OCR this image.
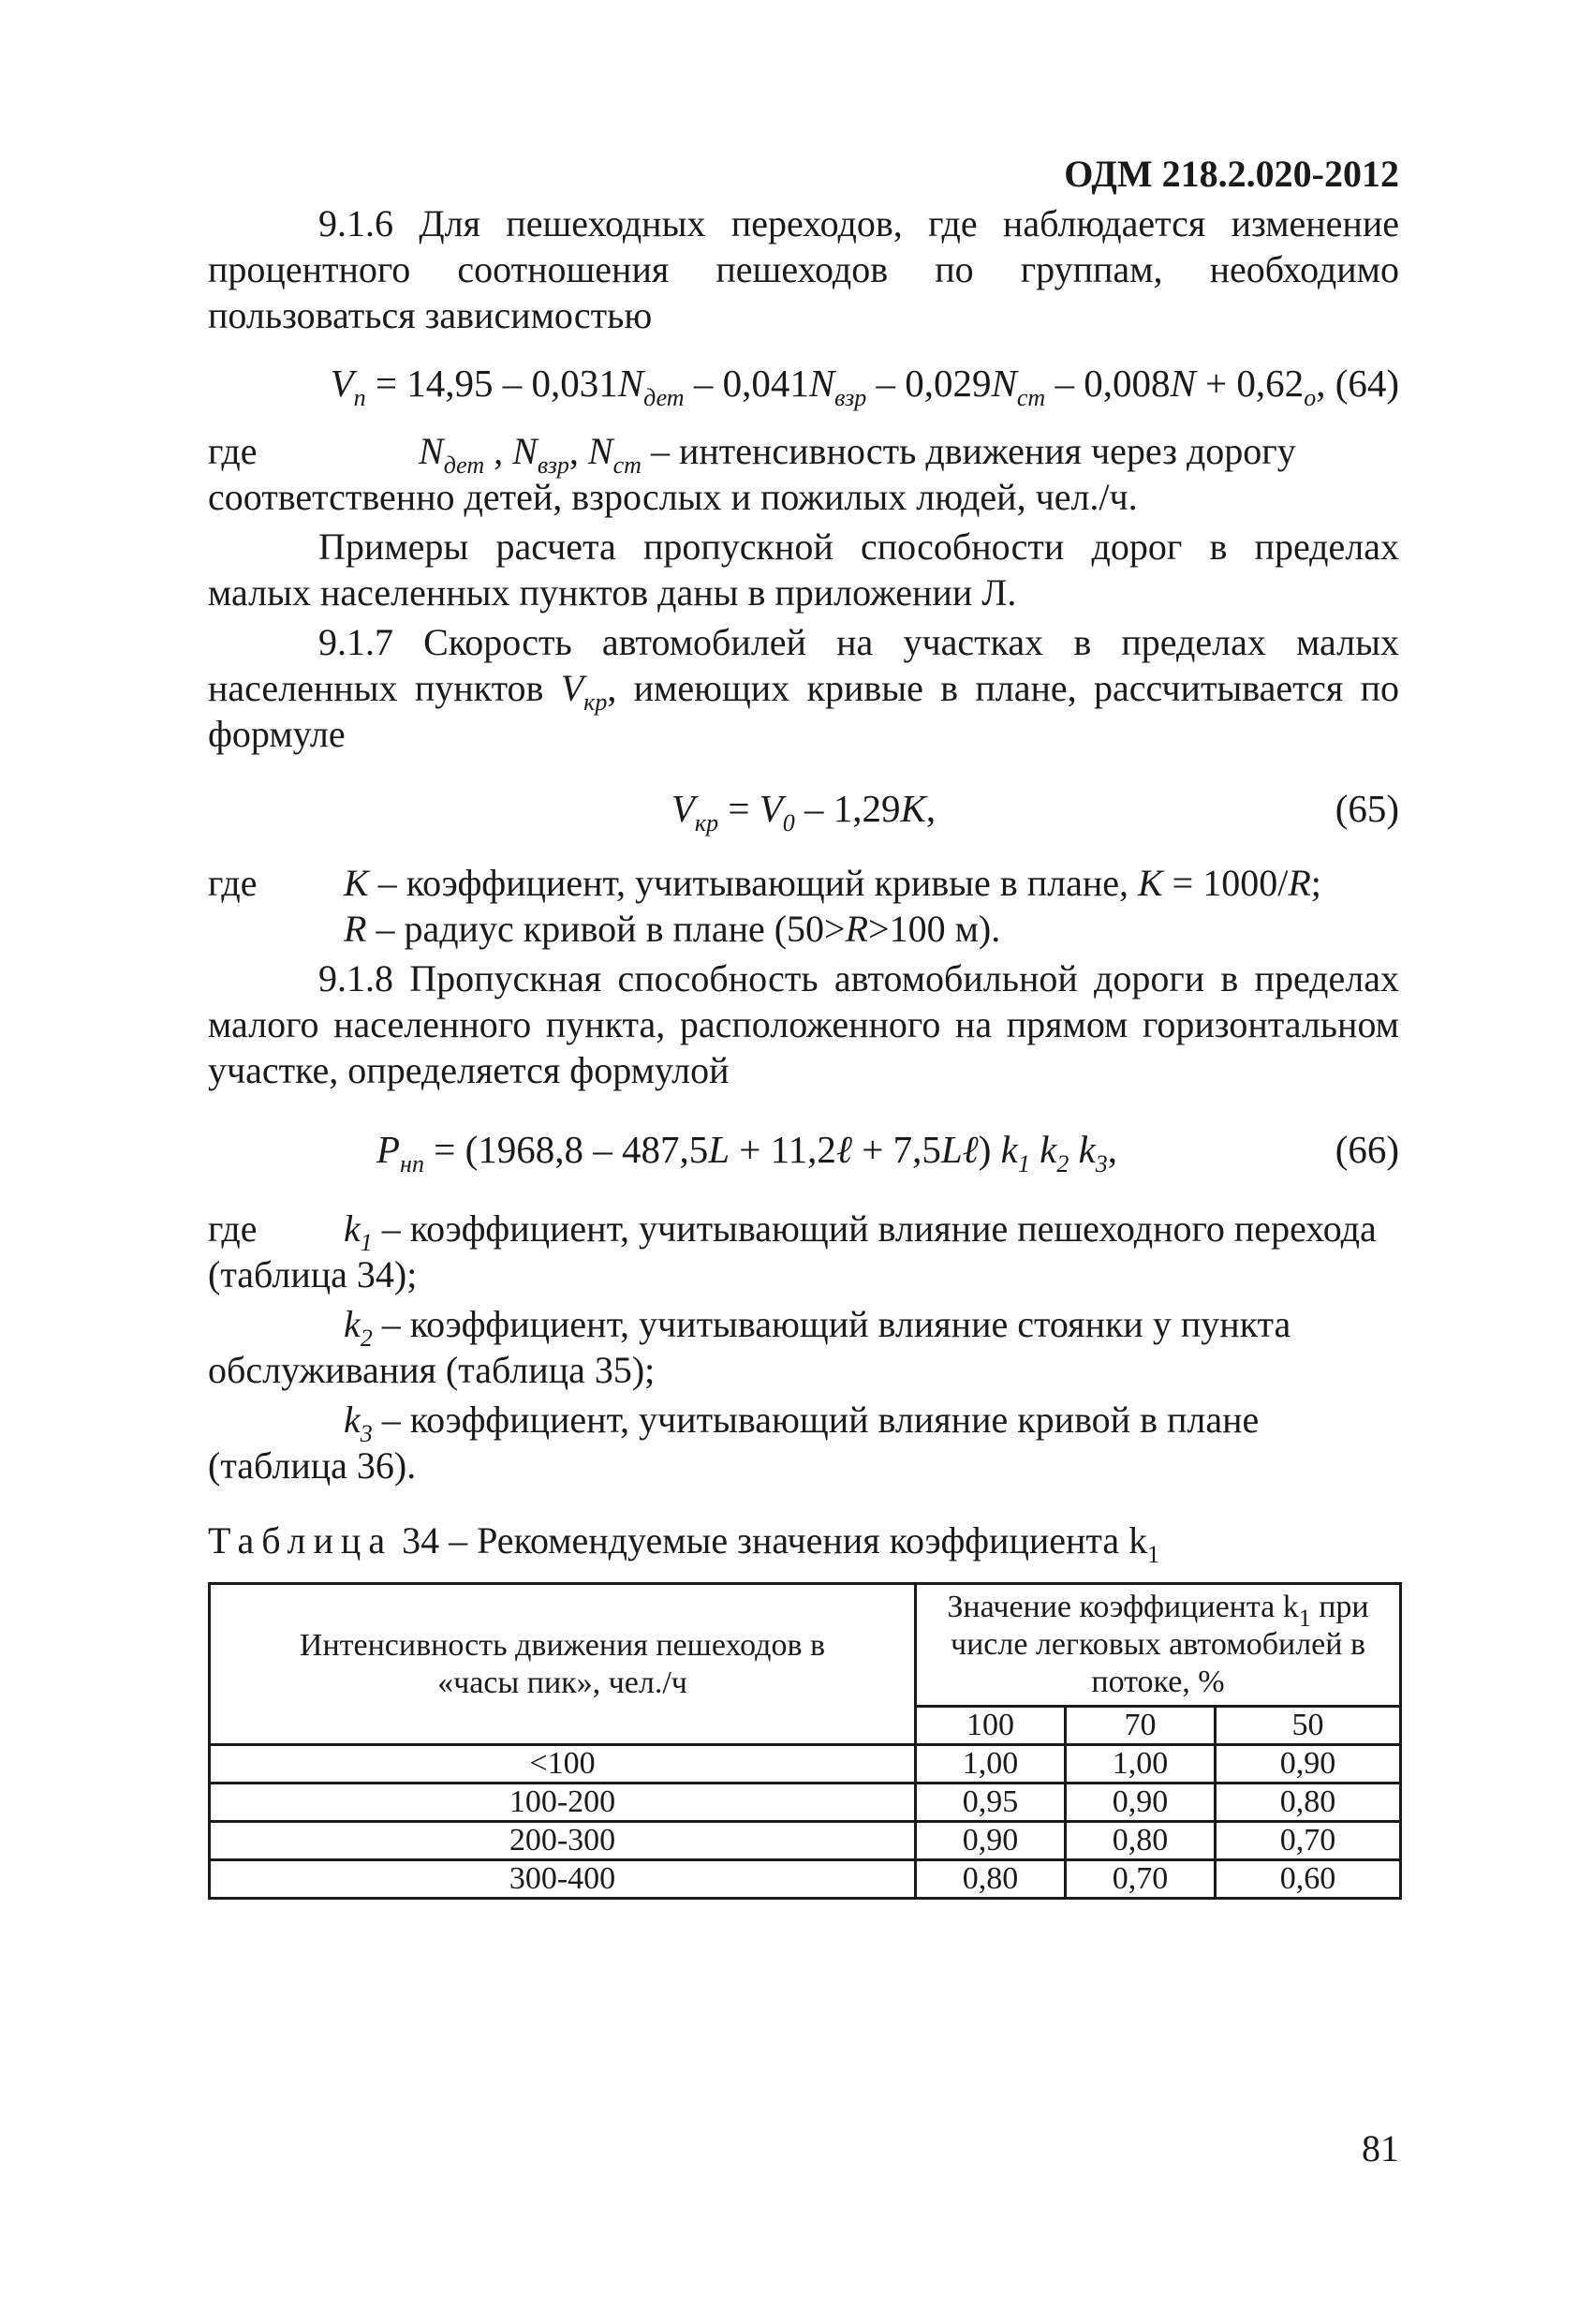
ОДМ 218.2.020-2012

9.1.6 Для пешеходных переходов, где наблюдается изменение процентного соотношения пешеходов по группам, необходимо пользоваться зависимостью

$V_n = 14,95 - 0,031N_{дет} - 0,041N_{взр} - 0,029N_{ст} - 0,008N + 0,62_o$, (64)
где	$N_{дет}$ , $N_{взр}$, $N_{ст}$ – интенсивность движения через дорогу

соответственно детей, взрослых и пожилых людей, чел./ч.

Примеры расчета пропускной способности дорог в пределах малых населенных пунктов даны в приложении Л.

9.1.7 Скорость автомобилей на участках в пределах малых населенных пунктов $V_{кр}$, имеющих кривые в плане, рассчитывается по формуле

$V_{кр} = V_0 - 1,29K$,	(65)
где	K – коэффициент, учитывающий кривые в плане, K = 1000/R;

R – радиус кривой в плане (50>R>100 м).

9.1.8 Пропускная способность автомобильной дороги в пределах малого населенного пункта, расположенного на прямом горизонтальном участке, определяется формулой

$P_{нп} = (1968,8 - 487,5L$ + 11,2ℓ + 7,5Lℓ) $k_1$ $k_2$ $k_3$,	(66)
где	$k_1$ – коэффициент, учитывающий влияние пешеходного перехода

(таблица 34);

$k_2$ – коэффициент, учитывающий влияние стоянки у пункта

обслуживания (таблица 35);

$k_3$ – коэффициент, учитывающий влияние кривой в плане

(таблица 36).

Таблица 34 – Рекомендуемые значения коэффициента $k_1$
Интенсивность движения пешеходов в «часы пик», чел./ч	Значение коэффициента $k_1$ при числе легковых автомобилей в потоке, %		
	100	70	50
<100	1,00	1,00	0,90
100-200	0,95	0,90	0,80
200-300	0,90	0,80	0,70
300-400	0,80	0,70	0,60
81
